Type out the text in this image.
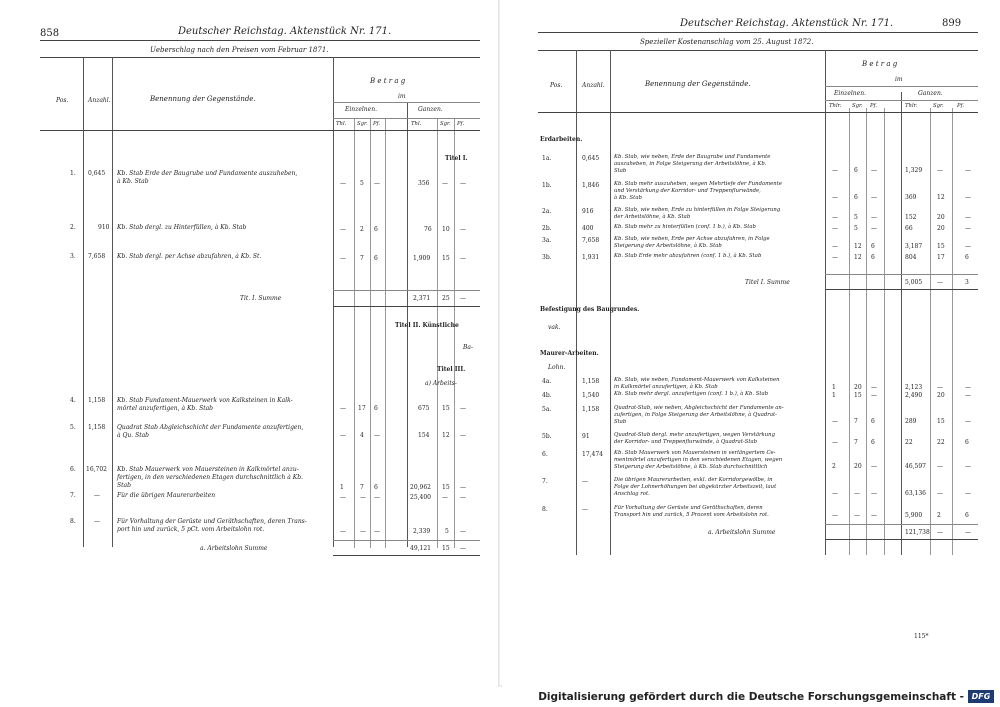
858	Deutscher Reichstag. Aktenstück Nr. 171.
Ueberschlag nach den Preisen vom Februar 1871.
Pos.	Anzahl.	Benennung der Gegenstände.
B e t r a g
im
Einzelnen.	Ganzen.
Thl. Sgr. Pf.	Thl.	Sgr. Pf.
Titel I.
1. 0,645 Kb. Stab Erde der Baugrube und Fundamente auszuheben,
à Kb. Stab	— 5 —	356 — —
2.	910 Kb. Stab dergl. zu Hinterfüllen, à Kb. Stab	— 2 6	76 10 —
3. 7,658 Kb. Stab dergl. per Achse abzufahren, à Kb. St.	— 7 6	1,909 15 —
Tit. I. Summe	2,371 25 —
Titel II. Künstliche
Ba-
Titel III.
a) Arbeits-
4. 1,158 Kb. Stab Fundament-Mauerwerk von Kalksteinen in Kalk-
mörtel anzufertigen, à Kb. Stab	— 17 6	675 15 —
5. 1,158 Quadrat Stab Abgleichschicht der Fundamente anzufertigen,
à Qu. Stab	— 4 —	154 12 —
6. 16,702 Kb. Stab Mauerwerk von Mauersteinen in Kalkmörtel anzu-
fertigen, in den verschiedenen Etagen durchschnittlich à Kb.
Stab	1	7 6	20,962 15 —
7.	—	Für die übrigen Maurerarbeiten	— — —	25,400 — —
8.	—	Für Vorhaltung der Gerüste und Geräthschaften, deren Trans-
port hin und zurück, 5 pCt. vom Arbeitslohn rot.	— — —	2,339 5 —
a. Arbeitslohn Summe	49,121 15 —
Deutscher Reichstag. Aktenstück Nr. 171.	899
Spezieller Kostenanschlag vom 25. August 1872.
Pos.	Anzahl.	Benennung der Gegenstände.
B e t r a g
im
Einzelnen.	Ganzen.
Thlr. Sgr. Pf.	Thlr.	Sgr.	Pf.
Erdarbeiten.
1a.	0,645	Kb. Stab, wie neben, Erde der Baugrube und Fundamente
auszuheben, in Folge Steigerung der Arbeitslöhne, à Kb.
Stab	—	6 —	1,329 —	—
1b.	1,846	Kb. Stab mehr auszuheben, wegen Mehrtiefe der Fundamente
und Verstärkung der Korridor- und Treppenflurwände,
à Kb. Stab	—	6 —	369	12	—
2a.	916	Kb. Stab, wie neben, Erde zu hinterfüllen in Folge Steigerung
der Arbeitslöhne, à Kb. Stab	—	5 —	152	20	—
2b.	400	Kb. Stab mehr zu hinterfüllen (conf. 1 b.), à Kb. Stab	—	5 —	66	20	—
3a.	7,658	Kb. Stab, wie neben, Erde per Achse abzufahren, in Folge
Steigerung der Arbeitslöhne, à Kb. Stab	—	12 6	3,187 15	—
3b.	1,931	Kb. Stab Erde mehr abzufahren (conf. 1 b.), à Kb. Stab	—	12 6	804	17	6
4a.	1,158	Kb. Stab, wie neben, Fundament-Mauerwerk von Kalksteinen
in Kalkmörtel anzufertigen, à Kb. Stab	1	20 —	2,123 —	—
4b.	1,540	Kb. Stab mehr dergl. anzufertigen (conf. 1 b.), à Kb. Stab	1	15 —	2,490 20	—
5a.	1,158	Quadrat-Stab, wie neben, Abgleichschicht der Fundamente an-
zufertigen, in Folge Steigerung der Arbeitslöhne, à Quadrat-
Stab	—	7 6	289	15	—
5b.	91	Quadrat-Stab dergl. mehr anzufertigen, wegen Verstärkung
der Korridor- und Treppenflurwände, à Quadrat-Stab	—	7 6	22	22	6
6.	17,474 Kb. Stab Mauerwerk von Mauersteinen in verlängertem Ce-
mentmörtel anzufertigen in den verschiedenen Etagen, wegen
Steigerung der Arbeitslöhne, à Kb. Stab durchschnittlich	2	20 —	46,597 —	—
7.	—	Die übrigen Maurerarbeiten, exkl. der Korridorgewölbe, in
Folge der Lohnerhöhungen bei abgekürzter Arbeitszeit, laut
Anschlag rot.	—	— —	63,136 —	—
8.	—	Für Vorhaltung der Gerüste und Geräthschaften, deren
Transport hin und zurück, 5 Prozent vom Arbeitslohn rot.	—	— —	5,900 2	6
Titel I. Summe	5,005 —	3
Befestigung des Baugrundes.
vak.
Maurer-Arbeiten.
Lohn.
a. Arbeitslohn Summe	121,738 —	—
115*
Digitalisierung gefördert durch die Deutsche Forschungsgemeinschaft - DFG
